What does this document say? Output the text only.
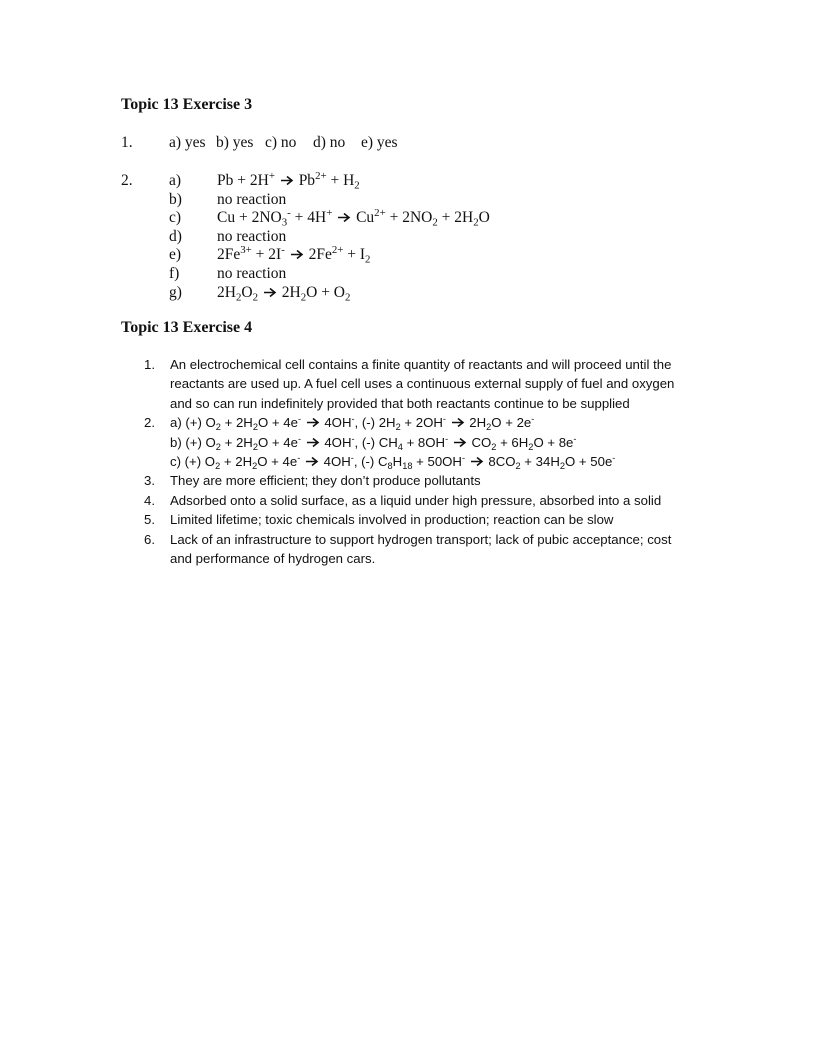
Topic 13 Exercise 3
1. a) yes b) yes c) no d) no e) yes
2. a) Pb + 2H+
$Pb^{2+} + H_2$
b) no reaction
c) $Cu + 2NO_3^- + 4H^+$
$Cu^{2+} + 2NO_2 + 2H_2O$
d) no reaction
e) $2Fe^{3+} + 2I^-$
$2Fe^{2+} + I_2$
f) no reaction
g) $2H_2O_2$
$2H_2O + O_2$
Topic 13 Exercise 4
1. An electrochemical cell contains a finite quantity of reactants and will proceed until the
reactants are used up. A fuel cell uses a continuous external supply of fuel and oxygen
and so can run indefinitely provided that both reactants continue to be supplied
2. a) (+) $O_2 + 2H_2O + 4e^-$
4OH-, (-) $2H_2 + 2OH^-$
$2H_2O + 2e^-$
b) (+) $O_2 + 2H_2O + 4e^-$
4OH-, (-) $CH_4 + 8OH^-$
$CO_2 + 6H_2O + 8e^-$
c) (+) $O_2 + 2H_2O + 4e^-$
4OH-, (-) $C_8H_{18} + 50OH^-$
$8CO_2 + 34H_2O + 50e^-$
3. They are more efficient; they don’t produce pollutants
4. Adsorbed onto a solid surface, as a liquid under high pressure, absorbed into a solid
5. Limited lifetime; toxic chemicals involved in production; reaction can be slow
6. Lack of an infrastructure to support hydrogen transport; lack of pubic acceptance; cost
and performance of hydrogen cars.
